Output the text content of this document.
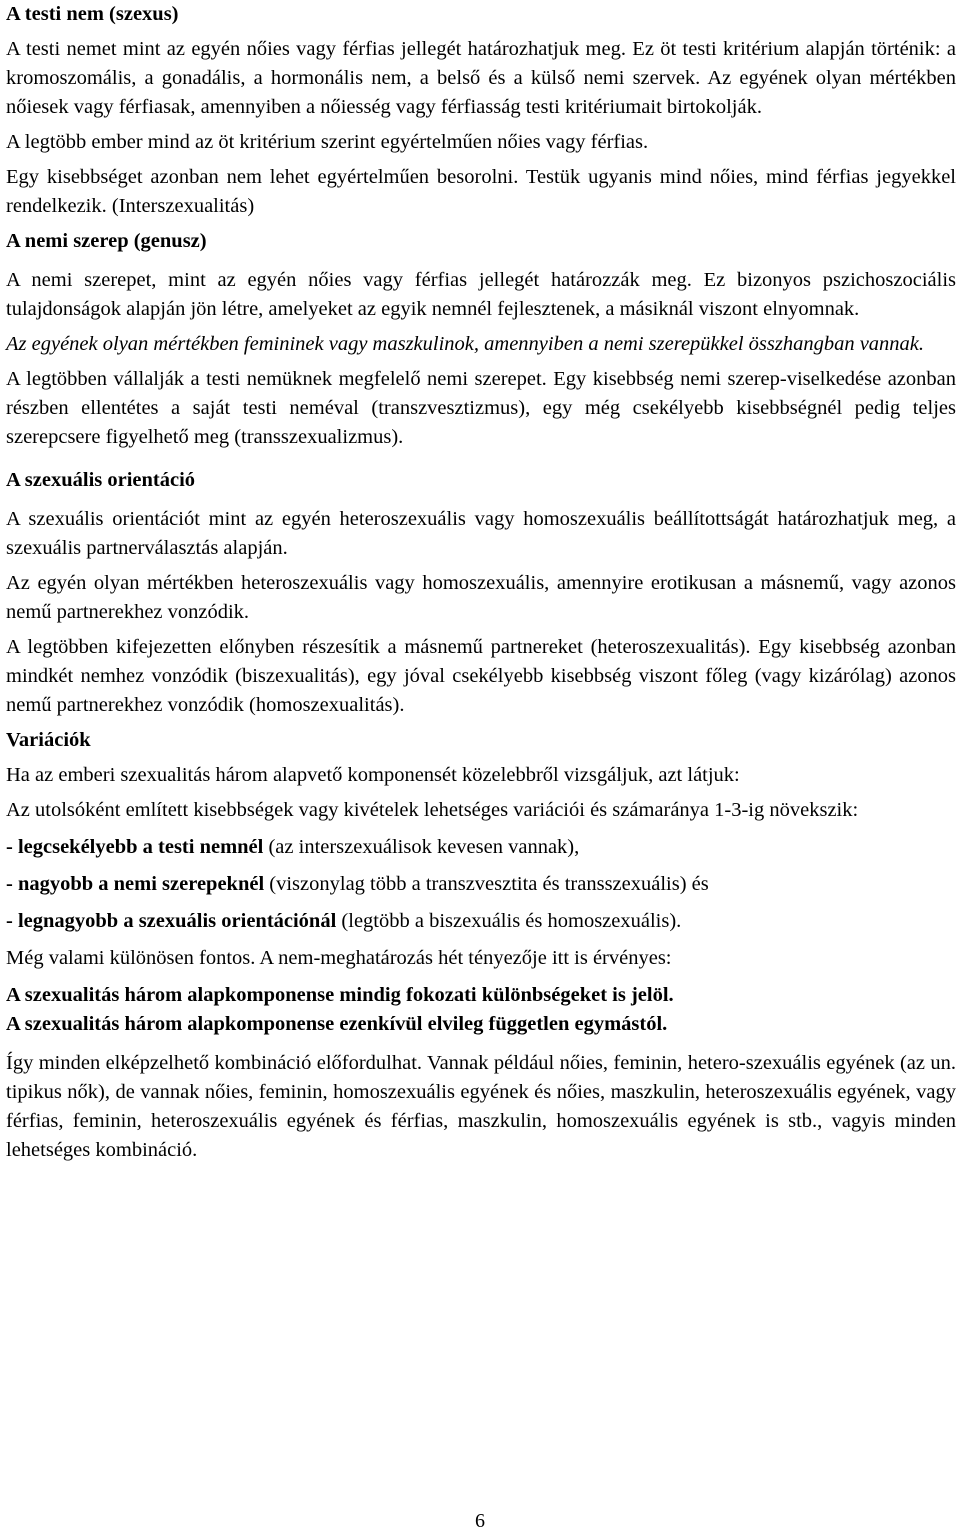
A testi nem (szexus)

A testi nemet mint az egyén nőies vagy férfias jellegét határozhatjuk meg. Ez öt testi kritérium alapján történik: a kromoszomális, a gonadális, a hormonális nem, a belső és a külső nemi szervek. Az egyének olyan mértékben nőiesek vagy férfiasak, amennyiben a nőiesség vagy férfiasság testi kritériumait birtokolják.

A legtöbb ember mind az öt kritérium szerint egyértelműen nőies vagy férfias.

Egy kisebbséget azonban nem lehet egyértelműen besorolni. Testük ugyanis mind nőies, mind férfias jegyekkel rendelkezik. (Interszexualitás)

A nemi szerep (genusz)

A nemi szerepet, mint az egyén nőies vagy férfias jellegét határozzák meg. Ez bizonyos pszichoszociális tulajdonságok alapján jön létre, amelyeket az egyik nemnél fejlesztenek, a másiknál viszont elnyomnak.

Az egyének olyan mértékben femininek vagy maszkulinok, amennyiben a nemi szerepükkel összhangban vannak.

A legtöbben vállalják a testi nemüknek megfelelő nemi szerepet. Egy kisebbség nemi szerep-viselkedése azonban részben ellentétes a saját testi neméval (transzvesztizmus), egy még csekélyebb kisebbségnél pedig teljes szerepcsere figyelhető meg (transszexualizmus).

A szexuális orientáció

A szexuális orientációt mint az egyén heteroszexuális vagy homoszexuális beállítottságát határozhatjuk meg, a szexuális partnerválasztás alapján.

Az egyén olyan mértékben heteroszexuális vagy homoszexuális, amennyire erotikusan a másnemű, vagy azonos nemű partnerekhez vonzódik.

A legtöbben kifejezetten előnyben részesítik a másnemű partnereket (heteroszexualitás). Egy kisebbség azonban mindkét nemhez vonzódik (biszexualitás), egy jóval csekélyebb kisebbség viszont főleg (vagy kizárólag) azonos nemű partnerekhez vonzódik (homoszexualitás).

Variációk

Ha az emberi szexualitás három alapvető komponensét közelebbről vizsgáljuk, azt látjuk:

Az utolsóként említett kisebbségek vagy kivételek lehetséges variációi és számaránya 1-3-ig növekszik:

- legcsekélyebb a testi nemnél (az interszexuálisok kevesen vannak),

- nagyobb a nemi szerepeknél (viszonylag több a transzvesztita és transszexuális) és

- legnagyobb a szexuális orientációnál (legtöbb a biszexuális és homoszexuális).

Még valami különösen fontos. A nem-meghatározás hét tényezője itt is érvényes:

A szexualitás három alapkomponense mindig fokozati különbségeket is jelöl.

A szexualitás három alapkomponense ezenkívül elvileg független egymástól.

Így minden elképzelhető kombináció előfordulhat. Vannak például nőies, feminin, hetero-szexuális egyének (az un. tipikus nők), de vannak nőies, feminin, homoszexuális egyének és nőies, maszkulin, heteroszexuális egyének, vagy férfias, feminin, heteroszexuális egyének és férfias, maszkulin, homoszexuális egyének is stb., vagyis minden lehetséges kombináció.

6
